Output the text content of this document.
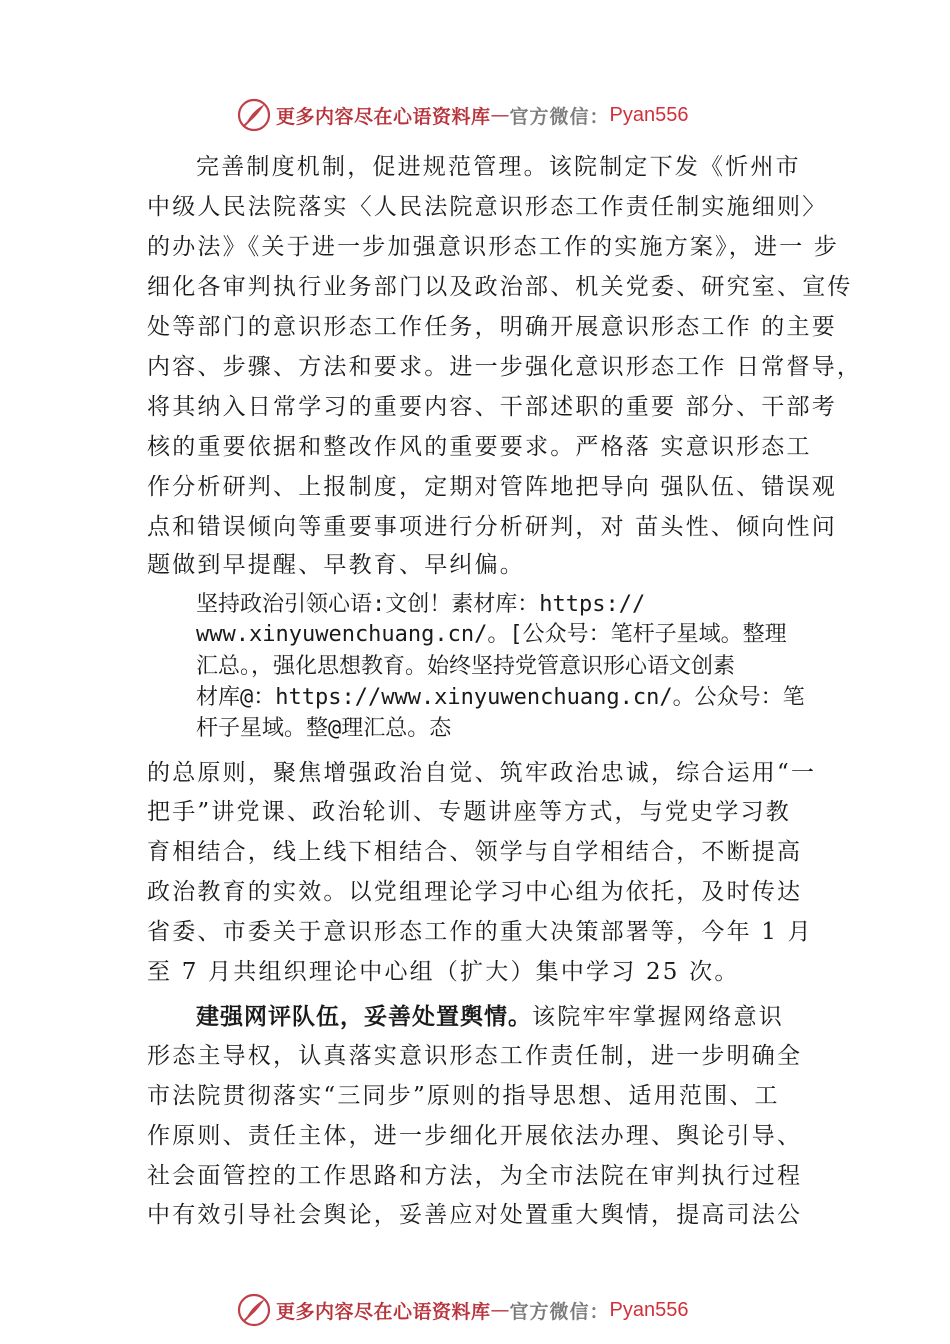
更多内容尽在心语资料库 — 官方微信： Pyan556
完善制度机制，促进规范管理。该院制定下发《忻州市
中级人民法院落实〈人民法院意识形态工作责任制实施细则〉
的办法》《关于进一步加强意识形态工作的实施方案》，进一 步
细化各审判执行业务部门以及政治部、机关党委、研究室、宣传
处等部门的意识形态工作任务，明确开展意识形态工作 的主要
内容、步骤、方法和要求。进一步强化意识形态工作 日常督导，
将其纳入日常学习的重要内容、干部述职的重要 部分、干部考
核的重要依据和整改作风的重要要求。严格落 实意识形态工
作分析研判、上报制度，定期对管阵地把导向 强队伍、错误观
点和错误倾向等重要事项进行分析研判，对 苗头性、倾向性问
题做到早提醒、早教育、早纠偏。
坚持政治引领心语:文创！素材库：https://
www.xinyuwenchuang.cn/。[公众号：笔杆子星域。整理
汇总。，强化思想教育。始终坚持党管意识形心语文创素
材库@：https://www.xinyuwenchuang.cn/。公众号：笔
杆子星域。整@理汇总。态
的总原则，聚焦增强政治自觉、筑牢政治忠诚，综合运用“一
把手”讲党课、政治轮训、专题讲座等方式，与党史学习教
育相结合，线上线下相结合、领学与自学相结合，不断提高
政治教育的实效。以党组理论学习中心组为依托，及时传达
省委、市委关于意识形态工作的重大决策部署等，今年 1 月
至 7 月共组织理论中心组（扩大）集中学习 25 次。
建强网评队伍，妥善处置舆情。该院牢牢掌握网络意识
形态主导权，认真落实意识形态工作责任制，进一步明确全
市法院贯彻落实“三同步”原则的指导思想、适用范围、工
作原则、责任主体，进一步细化开展依法办理、舆论引导、
社会面管控的工作思路和方法，为全市法院在审判执行过程
中有效引导社会舆论，妥善应对处置重大舆情，提高司法公
更多内容尽在心语资料库 — 官方微信： Pyan556
